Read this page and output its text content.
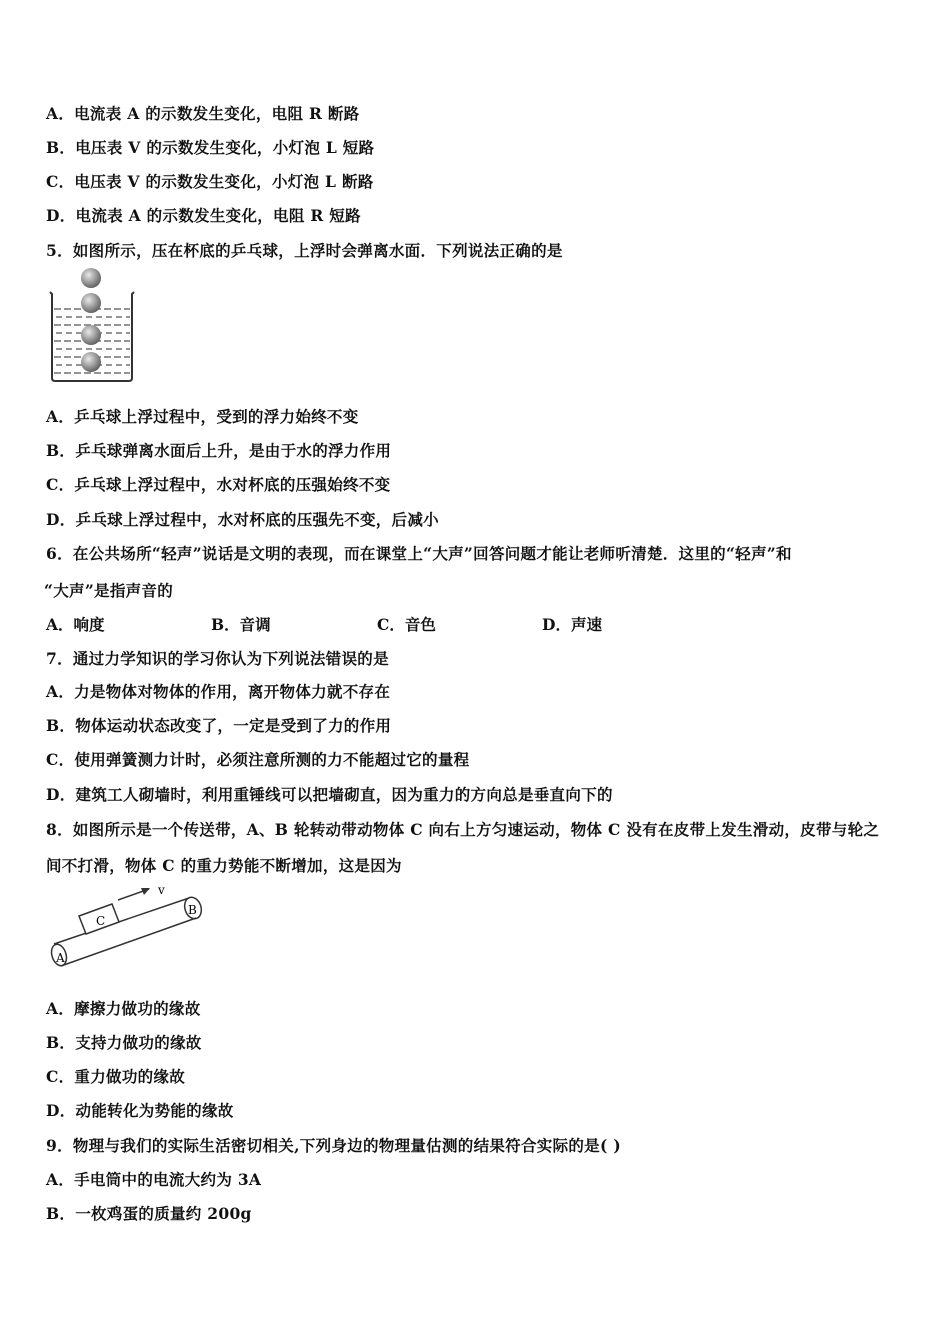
A．电流表 A 的示数发生变化，电阻 R 断路
B．电压表 V 的示数发生变化，小灯泡 L 短路
C．电压表 V 的示数发生变化，小灯泡 L 断路
D．电流表 A 的示数发生变化，电阻 R 短路
5．如图所示，压在杯底的乒乓球，上浮时会弹离水面．下列说法正确的是
A．乒乓球上浮过程中，受到的浮力始终不变
B．乒乓球弹离水面后上升，是由于水的浮力作用
C．乒乓球上浮过程中，水对杯底的压强始终不变
D．乒乓球上浮过程中，水对杯底的压强先不变，后减小
6．在公共场所“轻声”说话是文明的表现，而在课堂上“大声”回答问题才能让老师听清楚．这里的“轻声”和
“大声”是指声音的
A．响度	B．音调	C．音色	D．声速
7．通过力学知识的学习你认为下列说法错误的是
A．力是物体对物体的作用，离开物体力就不存在
B．物体运动状态改变了，一定是受到了力的作用
C．使用弹簧测力计时，必须注意所测的力不能超过它的量程
D．建筑工人砌墙时，利用重锤线可以把墙砌直，因为重力的方向总是垂直向下的
8．如图所示是一个传送带，A、B 轮转动带动物体 C 向右上方匀速运动，物体 C 没有在皮带上发生滑动，皮带与轮之
间不打滑，物体 C 的重力势能不断增加，这是因为
A
B
C
v
A．摩擦力做功的缘故
B．支持力做功的缘故
C．重力做功的缘故
D．动能转化为势能的缘故
9．物理与我们的实际生活密切相关,下列身边的物理量估测的结果符合实际的是( )
A．手电筒中的电流大约为 3A
B．一枚鸡蛋的质量约 200g
